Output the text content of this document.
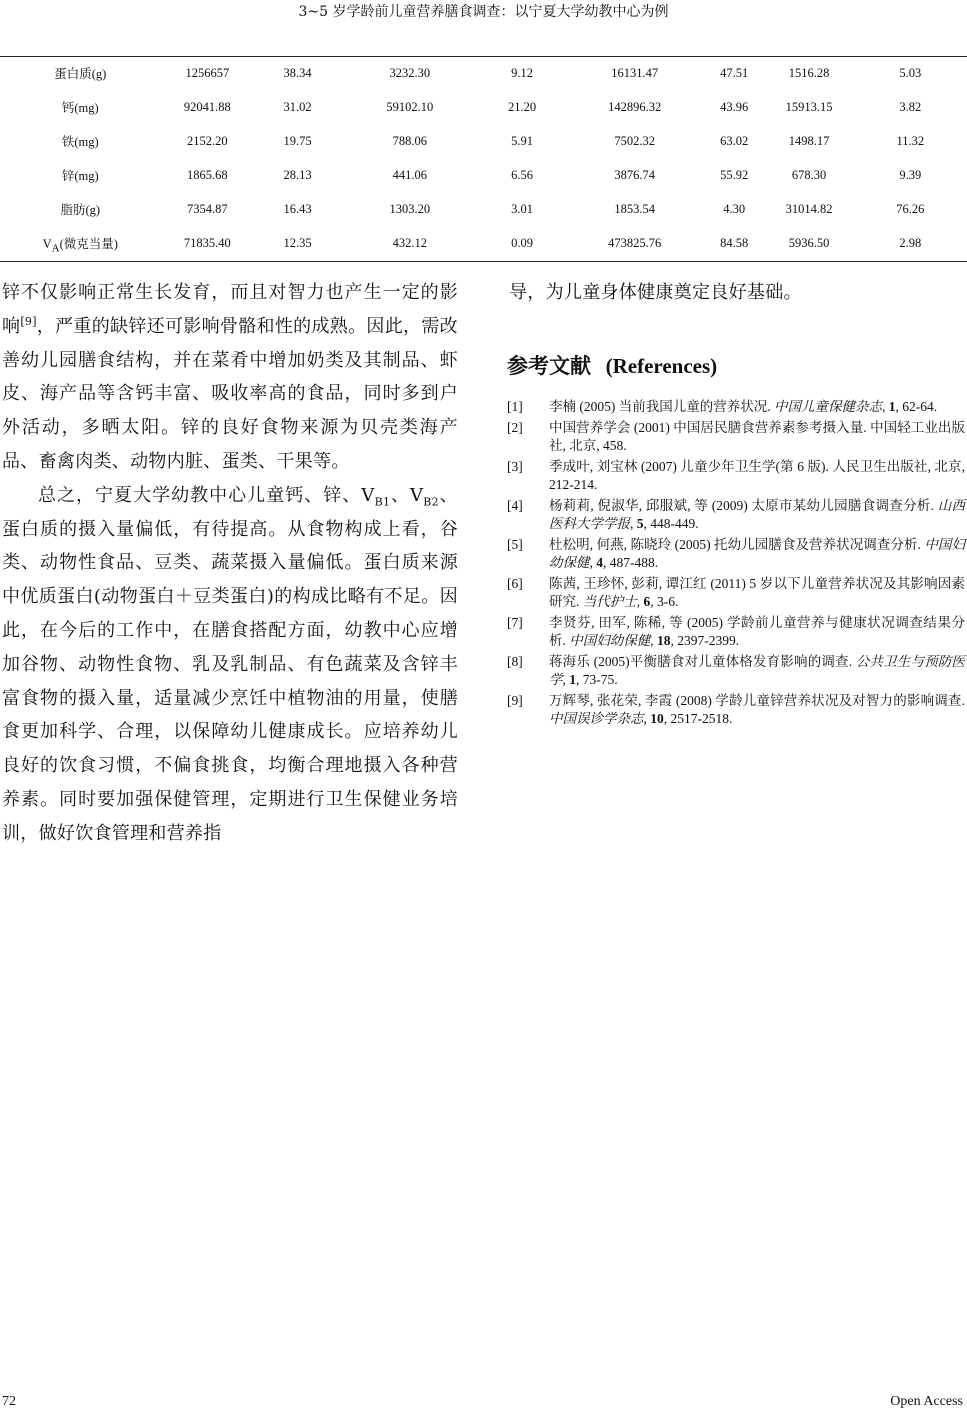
3~5 岁学龄前儿童营养膳食调查：以宁夏大学幼教中心为例
蛋白质(g)	1256657	38.34	3232.30	9.12	16131.47	47.51	1516.28	5.03
钙(mg)	92041.88	31.02	59102.10	21.20	142896.32	43.96	15913.15	3.82
铁(mg)	2152.20	19.75	788.06	5.91	7502.32	63.02	1498.17	11.32
锌(mg)	1865.68	28.13	441.06	6.56	3876.74	55.92	678.30	9.39
脂肪(g)	7354.87	16.43	1303.20	3.01	1853.54	4.30	31014.82	76.26
$V_A$(微克当量)	71835.40	12.35	432.12	0.09	473825.76	84.58	5936.50	2.98

锌不仅影响正常生长发育，而且对智力也产生一定的影响[9]，严重的缺锌还可影响骨骼和性的成熟。因此，需改善幼儿园膳食结构，并在菜肴中增加奶类及其制品、虾皮、海产品等含钙丰富、吸收率高的食品，同时多到户外活动，多晒太阳。锌的良好食物来源为贝壳类海产品、畜禽肉类、动物内脏、蛋类、干果等。

总之，宁夏大学幼教中心儿童钙、锌、$V_{B1}$、$V_{B2}$、蛋白质的摄入量偏低，有待提高。从食物构成上看，谷类、动物性食品、豆类、蔬菜摄入量偏低。蛋白质来源中优质蛋白(动物蛋白＋豆类蛋白)的构成比略有不足。因此，在今后的工作中，在膳食搭配方面，幼教中心应增加谷物、动物性食物、乳及乳制品、有色蔬菜及含锌丰富食物的摄入量，适量减少烹饪中植物油的用量，使膳食更加科学、合理，以保障幼儿健康成长。应培养幼儿良好的饮食习惯，不偏食挑食，均衡合理地摄入各种营养素。同时要加强保健管理，定期进行卫生保健业务培训，做好饮食管理和营养指

导，为儿童身体健康奠定良好基础。

参考文献 (References)
[1]	李楠 (2005) 当前我国儿童的营养状况. 中国儿童保健杂志, 1, 62-64.
[2]	中国营养学会 (2001) 中国居民膳食营养素参考摄入量. 中国轻工业出版社, 北京, 458.
[3]	季成叶, 刘宝林 (2007) 儿童少年卫生学(第 6 版). 人民卫生出版社, 北京, 212-214.
[4]	杨莉莉, 倪淑华, 邱服斌, 等 (2009) 太原市某幼儿园膳食调查分析. 山西医科大学学报, 5, 448-449.
[5]	杜松明, 何燕, 陈晓玲 (2005) 托幼儿园膳食及营养状况调查分析. 中国妇幼保健, 4, 487-488.
[6]	陈茜, 王珍怀, 彭莉, 谭江红 (2011) 5 岁以下儿童营养状况及其影响因素研究. 当代护士, 6, 3-6.
[7]	李贤芬, 田军, 陈稀, 等 (2005) 学龄前儿童营养与健康状况调查结果分析. 中国妇幼保健, 18, 2397-2399.
[8]	蒋海乐 (2005)平衡膳食对儿童体格发育影响的调查. 公共卫生与预防医学, 1, 73-75.
[9]	万辉琴, 张花荣, 李霞 (2008) 学龄儿童锌营养状况及对智力的影响调查. 中国误诊学杂志, 10, 2517-2518.
72	Open Access
